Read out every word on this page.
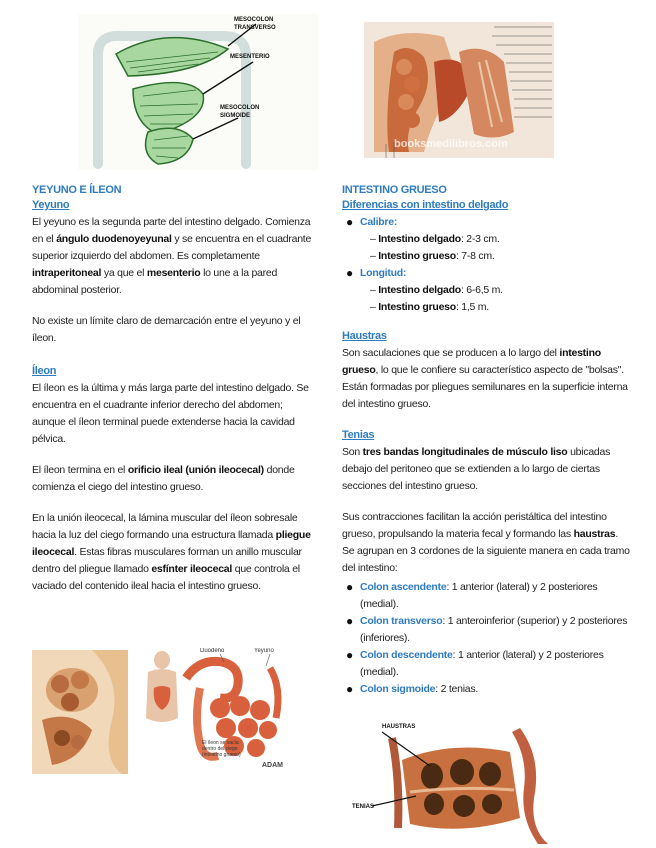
MESOCOLON TRANSVERSO
MESENTERIO
MESOCOLON SIGMOIDE
booksmedilibros.com
YEYUNO E ÍLEON
Yeyuno

El yeyuno es la segunda parte del intestino delgado. Comienza en el ángulo duodenoyeyunal y se encuentra en el cuadrante superior izquierdo del abdomen. Es completamente intraperitoneal ya que el mesenterio lo une a la pared abdominal posterior.

No existe un límite claro de demarcación entre el yeyuno y el íleon.

Íleon

El íleon es la última y más larga parte del intestino delgado. Se encuentra en el cuadrante inferior derecho del abdomen; aunque el íleon terminal puede extenderse hacia la cavidad pélvica.

El íleon termina en el orificio ileal (unión ileocecal) donde comienza el ciego del intestino grueso.

En la unión ileocecal, la lámina muscular del íleon sobresale hacia la luz del ciego formando una estructura llamada pliegue ileocecal. Estas fibras musculares forman un anillo muscular dentro del pliegue llamado esfínter ileocecal que controla el vaciado del contenido ileal hacia el intestino grueso.

INTESTINO GRUESO
Diferencias con intestino delgado
● Calibre:
– Intestino delgado: 2-3 cm.
– Intestino grueso: 7-8 cm.
● Longitud:
– Intestino delgado: 6-6,5 m.
– Intestino grueso: 1,5 m.
Haustras

Son saculaciones que se producen a lo largo del intestino grueso, lo que le confiere su característico aspecto de "bolsas". Están formadas por pliegues semilunares en la superficie interna del intestino grueso.

Tenias

Son tres bandas longitudinales de músculo liso ubicadas debajo del peritoneo que se extienden a lo largo de ciertas secciones del intestino grueso.

Sus contracciones facilitan la acción peristáltica del intestino grueso, propulsando la materia fecal y formando las haustras. Se agrupan en 3 cordones de la siguiente manera en cada tramo del intestino:

● Colon ascendente: 1 anterior (lateral) y 2 posteriores (medial).
● Colon transverso: 1 anteroinferior (superior) y 2 posteriores (inferiores).
● Colon descendente: 1 anterior (lateral) y 2 posteriores (medial).
● Colon sigmoide: 2 tenias.
Duodeno	Yeyuno
El íleon se vacía dentro del ciego (intestino grueso)
ADAM
HAUSTRAS
TENIAS
